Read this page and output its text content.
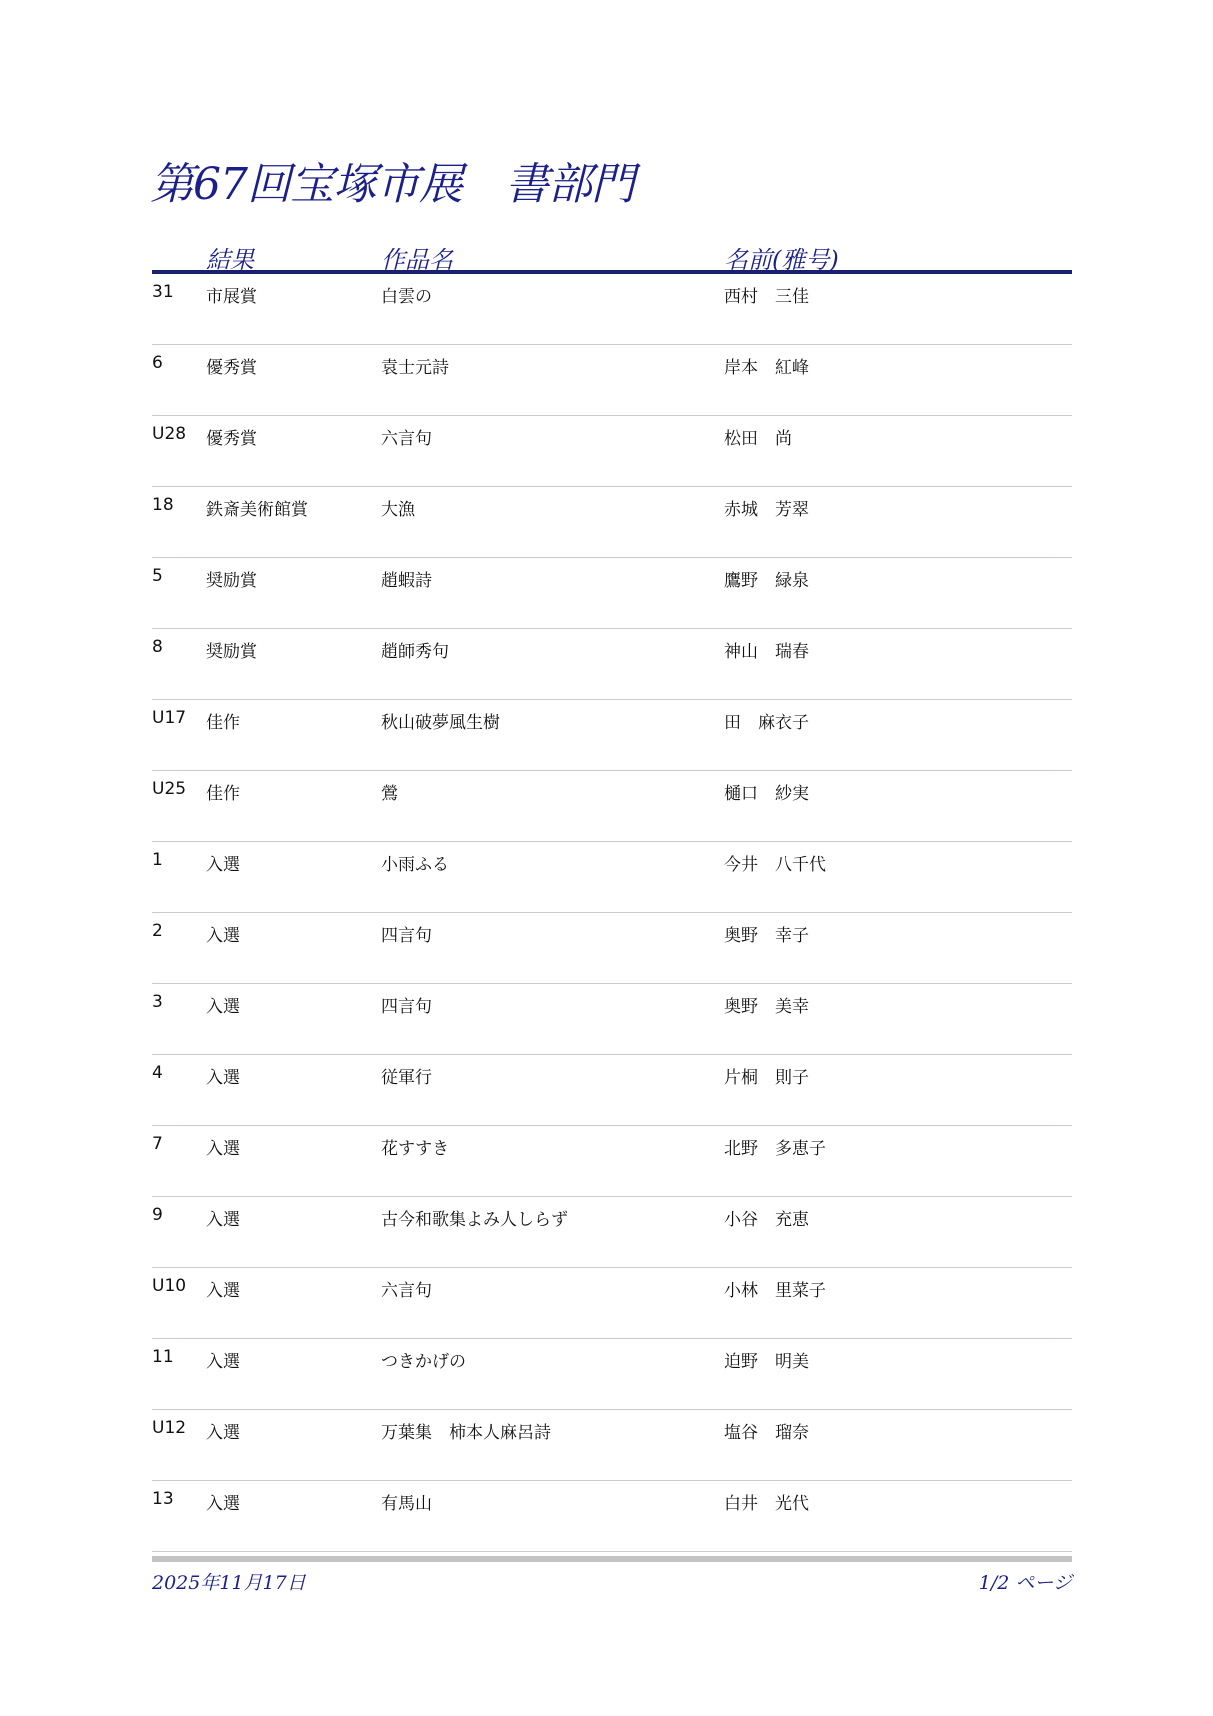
第67回宝塚市展　書部門
結果	作品名	名前(雅号)
31 市展賞	白雲の	西村　三佳
6	優秀賞	袁士元詩	岸本　紅峰
U28 優秀賞	六言句	松田　尚
18 鉄斎美術館賞	大漁	赤城　芳翠
5	奨励賞	趙蝦詩	鷹野　緑泉
8	奨励賞	趙師秀句	神山　瑞春
U17 佳作	秋山破夢風生樹	田　麻衣子
U25 佳作	鶯	樋口　紗実
1	入選	小雨ふる	今井　八千代
2	入選	四言句	奥野　幸子
3	入選	四言句	奥野　美幸
4	入選	従軍行	片桐　則子
7	入選	花すすき	北野　多恵子
9	入選	古今和歌集よみ人しらず	小谷　充恵
U10 入選	六言句	小林　里菜子
11 入選	つきかげの	迫野　明美
U12 入選	万葉集　柿本人麻呂詩	塩谷　瑠奈
13 入選	有馬山	白井　光代
2025年11月17日	1/2 ページ
